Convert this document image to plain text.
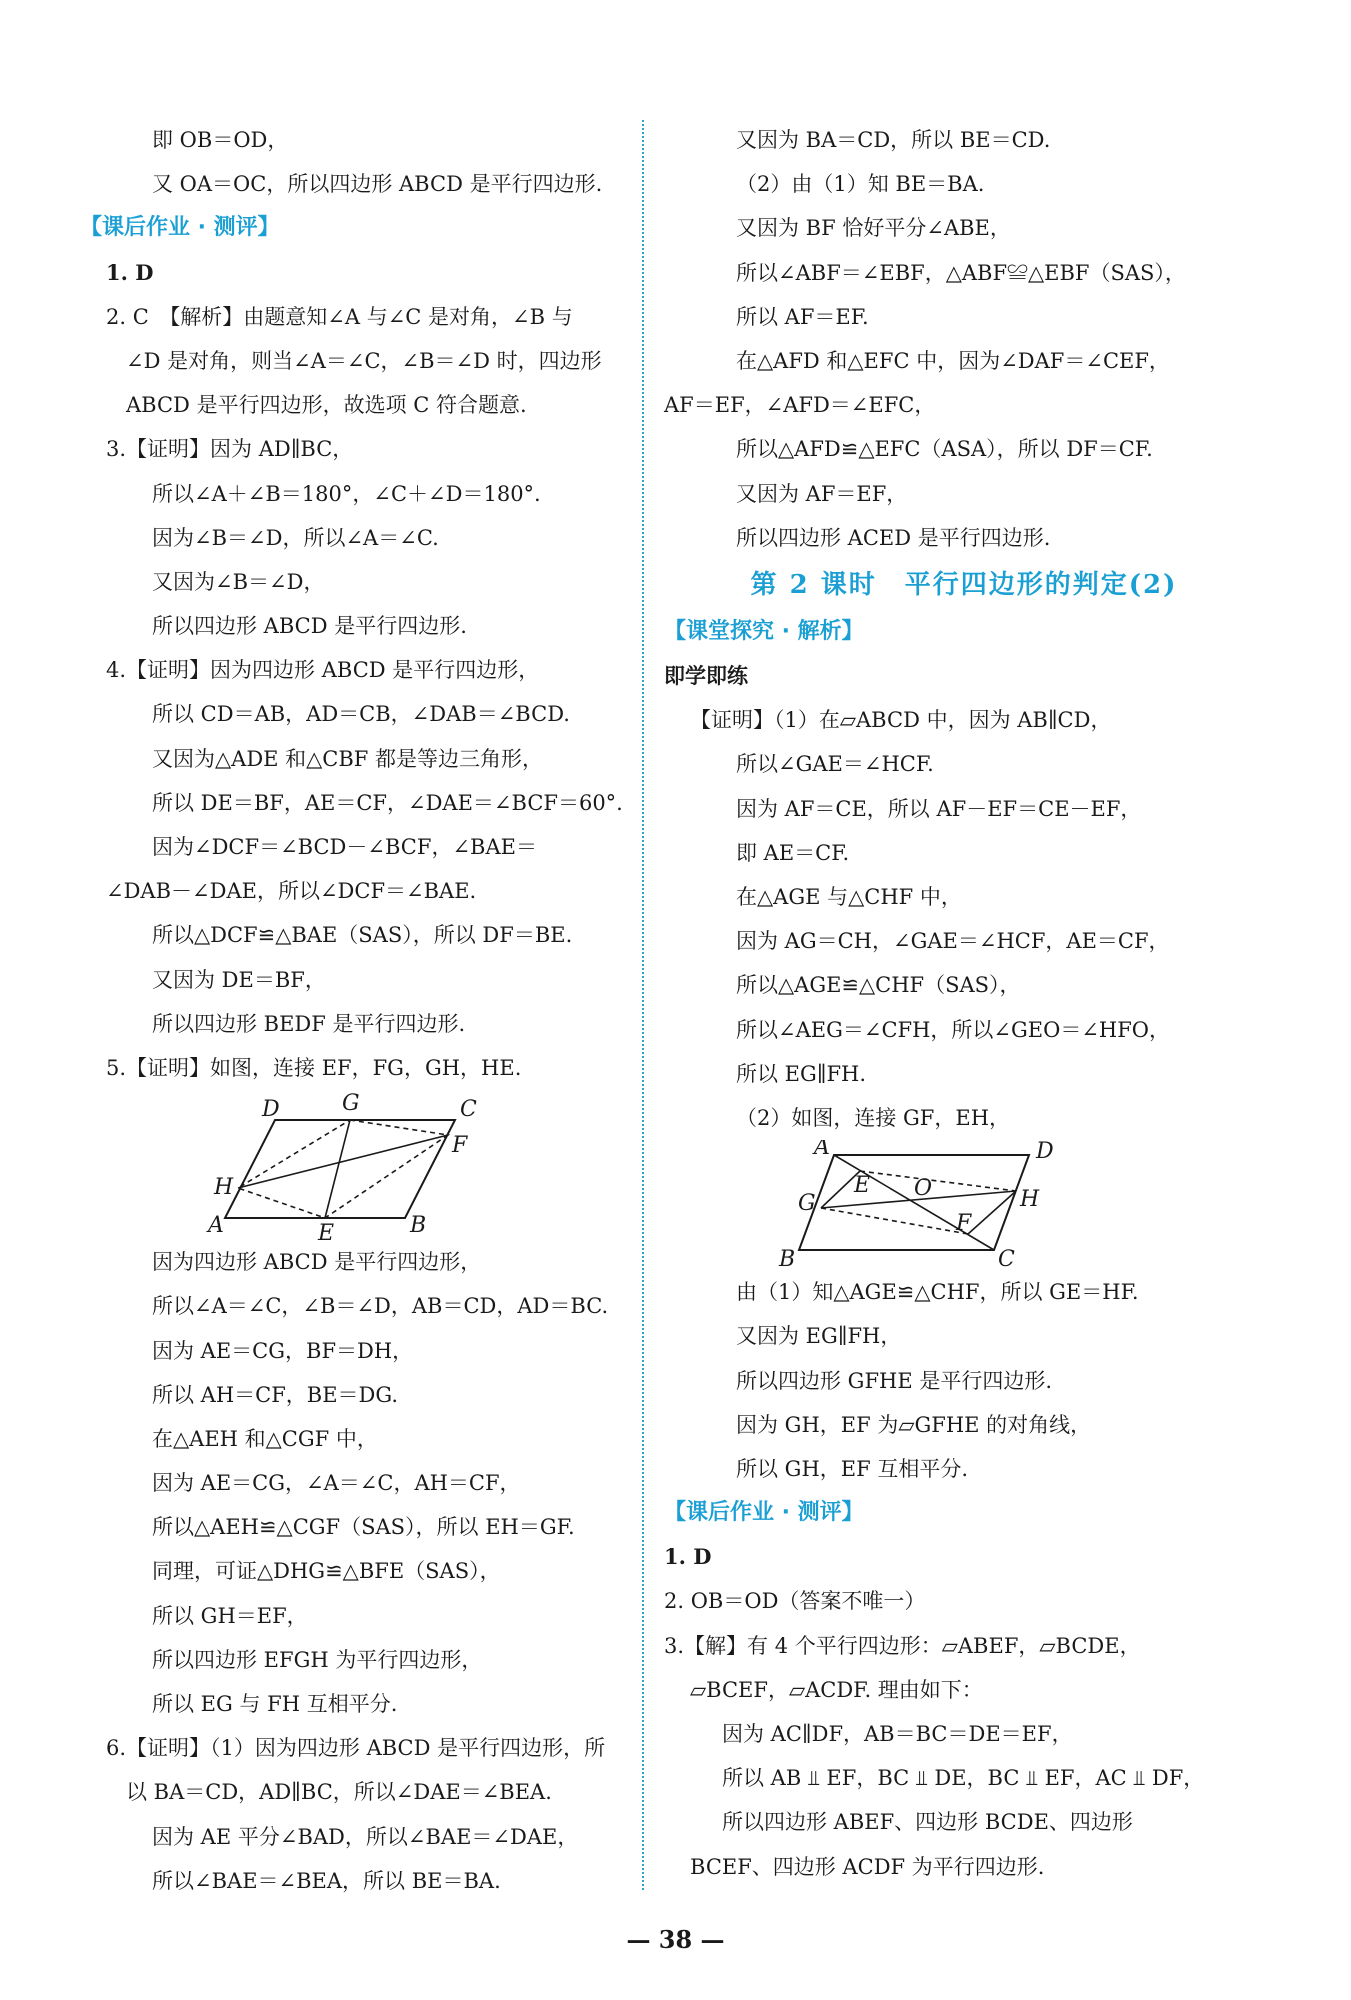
即 OB＝OD，
又 OA＝OC，所以四边形 ABCD 是平行四边形.
【课后作业 · 测评】
1. D
2. C　【解析】由题意知∠A 与∠C 是对角，∠B 与
∠D 是对角，则当∠A＝∠C，∠B＝∠D 时，四边形
ABCD 是平行四边形，故选项 C 符合题意.
3.【证明】因为 AD∥BC，
所以∠A＋∠B＝180°，∠C＋∠D＝180°.
因为∠B＝∠D，所以∠A＝∠C.
又因为∠B＝∠D，
所以四边形 ABCD 是平行四边形.
4.【证明】因为四边形 ABCD 是平行四边形，
所以 CD＝AB，AD＝CB，∠DAB＝∠BCD.
又因为△ADE 和△CBF 都是等边三角形，
所以 DE＝BF，AE＝CF，∠DAE＝∠BCF＝60°.
因为∠DCF＝∠BCD－∠BCF，∠BAE＝
∠DAB－∠DAE，所以∠DCF＝∠BAE.
所以△DCF≌△BAE（SAS），所以 DF＝BE.
又因为 DE＝BF，
所以四边形 BEDF 是平行四边形.
5.【证明】如图，连接 EF，FG，GH，HE.
D	G	C
F
H
A	E	B
因为四边形 ABCD 是平行四边形，
所以∠A＝∠C，∠B＝∠D，AB＝CD，AD＝BC.
因为 AE＝CG，BF＝DH，
所以 AH＝CF，BE＝DG.
在△AEH 和△CGF 中，
因为 AE＝CG，∠A＝∠C，AH＝CF，
所以△AEH≌△CGF（SAS），所以 EH＝GF.
同理，可证△DHG≌△BFE（SAS），
所以 GH＝EF，
所以四边形 EFGH 为平行四边形，
所以 EG 与 FH 互相平分.
6.【证明】（1）因为四边形 ABCD 是平行四边形，所
以 BA＝CD，AD∥BC，所以∠DAE＝∠BEA.
因为 AE 平分∠BAD，所以∠BAE＝∠DAE，
所以∠BAE＝∠BEA，所以 BE＝BA.
又因为 BA＝CD，所以 BE＝CD.
（2）由（1）知 BE＝BA.
又因为 BF 恰好平分∠ABE，
所以∠ABF＝∠EBF，△ABF≌△EBF（SAS），
所以 AF＝EF.
在△AFD 和△EFC 中，因为∠DAF＝∠CEF，
AF＝EF，∠AFD＝∠EFC，
所以△AFD≌△EFC（ASA），所以 DF＝CF.
又因为 AF＝EF，
所以四边形 ACED 是平行四边形.
第 2 课时　平行四边形的判定(2)
【课堂探究 · 解析】
即学即练
【证明】（1）在▱ABCD 中，因为 AB∥CD，
所以∠GAE＝∠HCF.
因为 AF＝CE，所以 AF－EF＝CE－EF，
即 AE＝CF.
在△AGE 与△CHF 中，
因为 AG＝CH，∠GAE＝∠HCF，AE＝CF，
所以△AGE≌△CHF（SAS），
所以∠AEG＝∠CFH，所以∠GEO＝∠HFO，
所以 EG∥FH.
（2）如图，连接 GF，EH，
A	D
E O	H
G
F
B	C
由（1）知△AGE≌△CHF，所以 GE＝HF.
又因为 EG∥FH，
所以四边形 GFHE 是平行四边形.
因为 GH，EF 为▱GFHE 的对角线，
所以 GH，EF 互相平分.
【课后作业 · 测评】
1. D
2. OB＝OD（答案不唯一）
3.【解】有 4 个平行四边形：▱ABEF，▱BCDE，
▱BCEF，▱ACDF. 理由如下：
因为 AC∥DF，AB＝BC＝DE＝EF，
所以 AB ⫫ EF，BC ⫫ DE，BC ⫫ EF，AC ⫫ DF，
所以四边形 ABEF、四边形 BCDE、四边形
BCEF、四边形 ACDF 为平行四边形.
— 38 —
